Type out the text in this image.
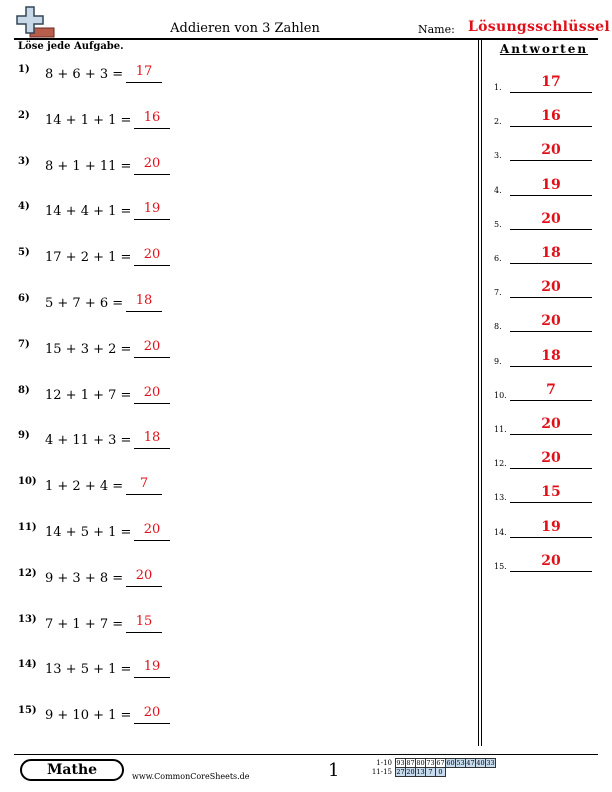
Addieren von 3 Zahlen	Name: Lösungsschlüssel
Löse jede Aufgabe.
1) 8 + 6 + 3 = 17
2) 14 + 1 + 1 = 16
3) 8 + 1 + 11 = 20
4) 14 + 4 + 1 = 19
5) 17 + 2 + 1 = 20
6) 5 + 7 + 6 = 18
7) 15 + 3 + 2 = 20
8) 12 + 1 + 7 = 20
9) 4 + 11 + 3 = 18
10) 1 + 2 + 4 =	7
11) 14 + 5 + 1 = 20
12) 9 + 3 + 8 = 20
13) 7 + 1 + 7 = 15
14) 13 + 5 + 1 = 19
15) 9 + 10 + 1 = 20
Antworten
1.	17
2.	16
3.	20
4.	19
5.	20
6.	18
7.	20
8.	20
9.	18
10.	7
11.	20
12.	20
13.	15
14.	19
15.	20
Mathe	www.CommonCoreSheets.de	1	1-10 93 87 80 73 67 60 53 47 40 33
11-15 27 20 13 7 0
